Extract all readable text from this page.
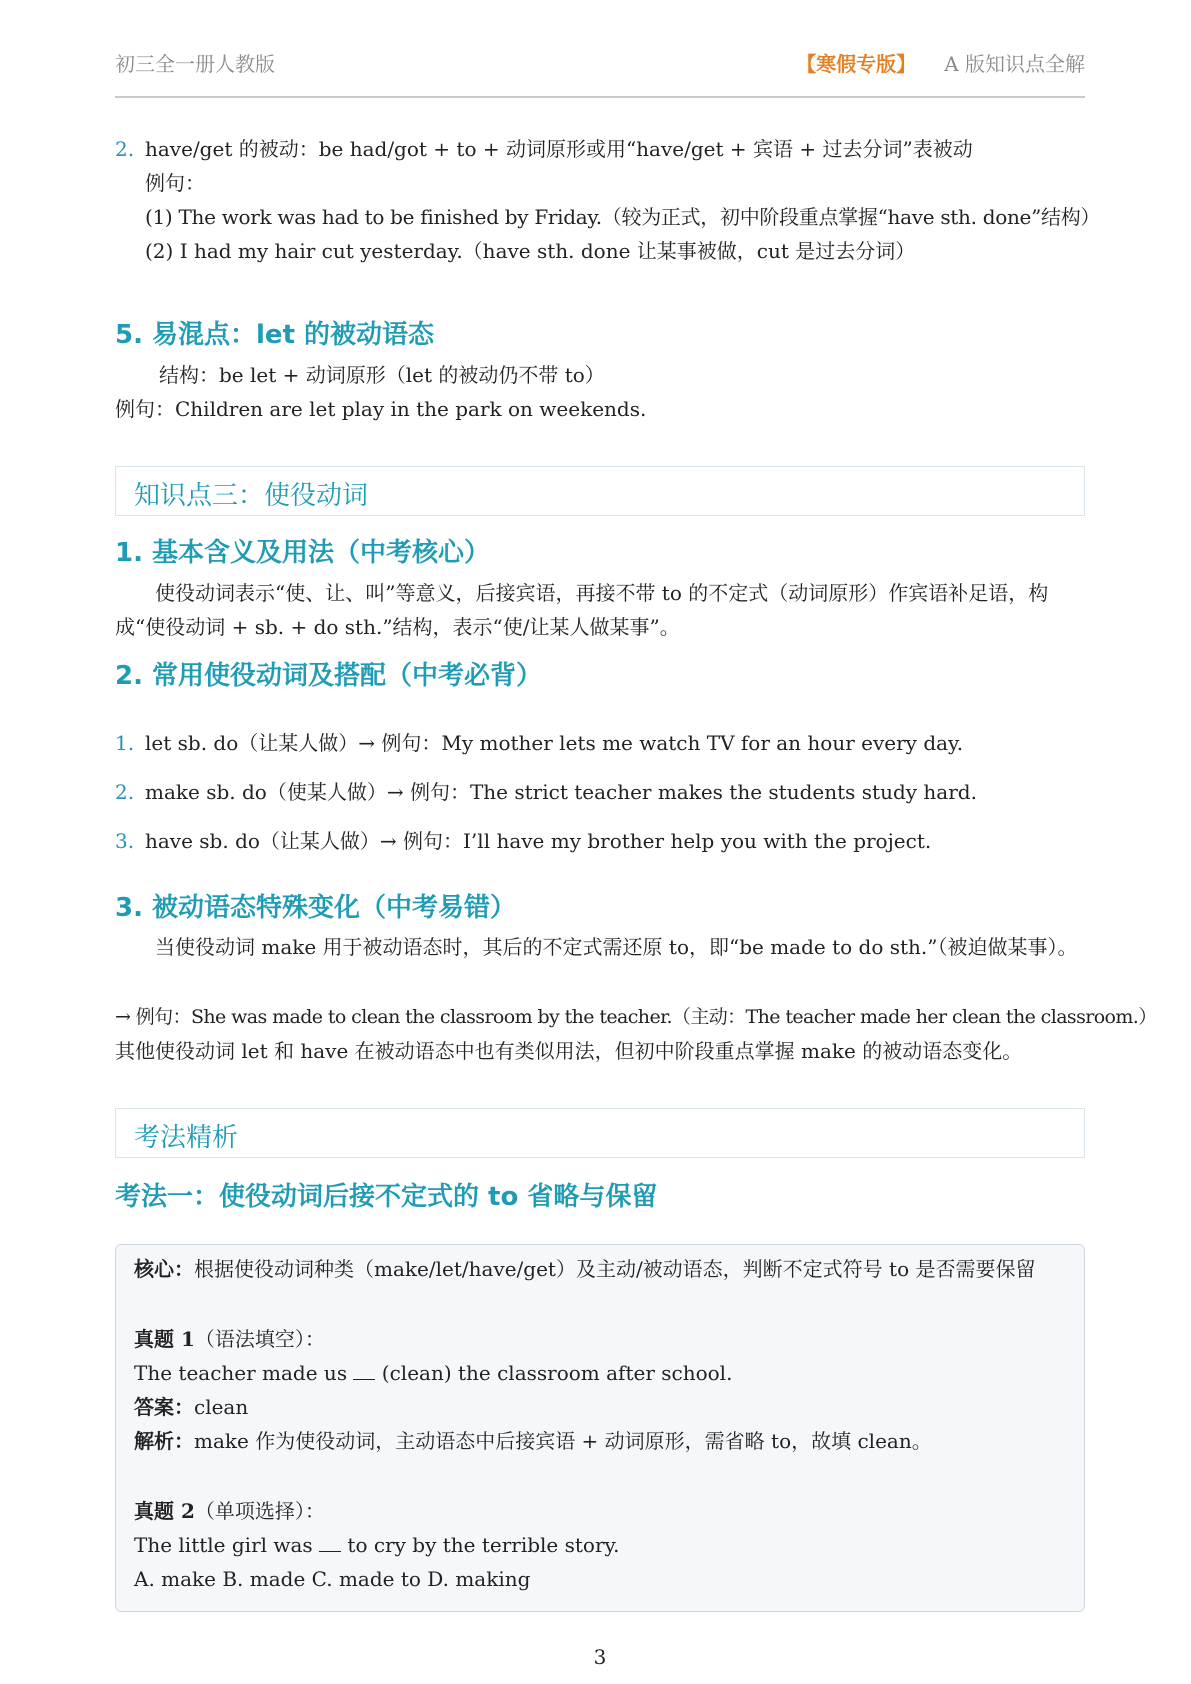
初三全一册人教版	【寒假专版】 A 版知识点全解
2. have/get 的被动：be had/got + to + 动词原形或用“have/get + 宾语 + 过去分词”表被动
例句：
(1) The work was had to be finished by Friday.（较为正式，初中阶段重点掌握“have sth. done”结构）
(2) I had my hair cut yesterday.（have sth. done 让某事被做，cut 是过去分词）
5. 易混点：let 的被动语态
结构：be let + 动词原形（let 的被动仍不带 to）
例句：Children are let play in the park on weekends.
知识点三：使役动词
1. 基本含义及用法（中考核心）
使役动词表示“使、让、叫”等意义，后接宾语，再接不带 to 的不定式（动词原形）作宾语补足语，构成“使役动词 + sb. + do sth.”结构，表示“使/让某人做某事”。
2. 常用使役动词及搭配（中考必背）
1. let sb. do（让某人做）→ 例句：My mother lets me watch TV for an hour every day.
2. make sb. do（使某人做）→ 例句：The strict teacher makes the students study hard.
3. have sb. do（让某人做）→ 例句：I’ll have my brother help you with the project.
3. 被动语态特殊变化（中考易错）
当使役动词 make 用于被动语态时，其后的不定式需还原 to，即“be made to do sth.”（被迫做某事）。
→ 例句：She was made to clean the classroom by the teacher.（主动：The teacher made her clean the classroom.）
其他使役动词 let 和 have 在被动语态中也有类似用法，但初中阶段重点掌握 make 的被动语态变化。
考法精析
考法一：使役动词后接不定式的 to 省略与保留
核心：根据使役动词种类（make/let/have/get）及主动/被动语态，判断不定式符号 to 是否需要保留
真题 1（语法填空）：
The teacher made us (clean) the classroom after school.
答案：clean
解析：make 作为使役动词，主动语态中后接宾语 + 动词原形，需省略 to，故填 clean。
真题 2（单项选择）：
The little girl was to cry by the terrible story.
A. make B. made C. made to D. making
3
